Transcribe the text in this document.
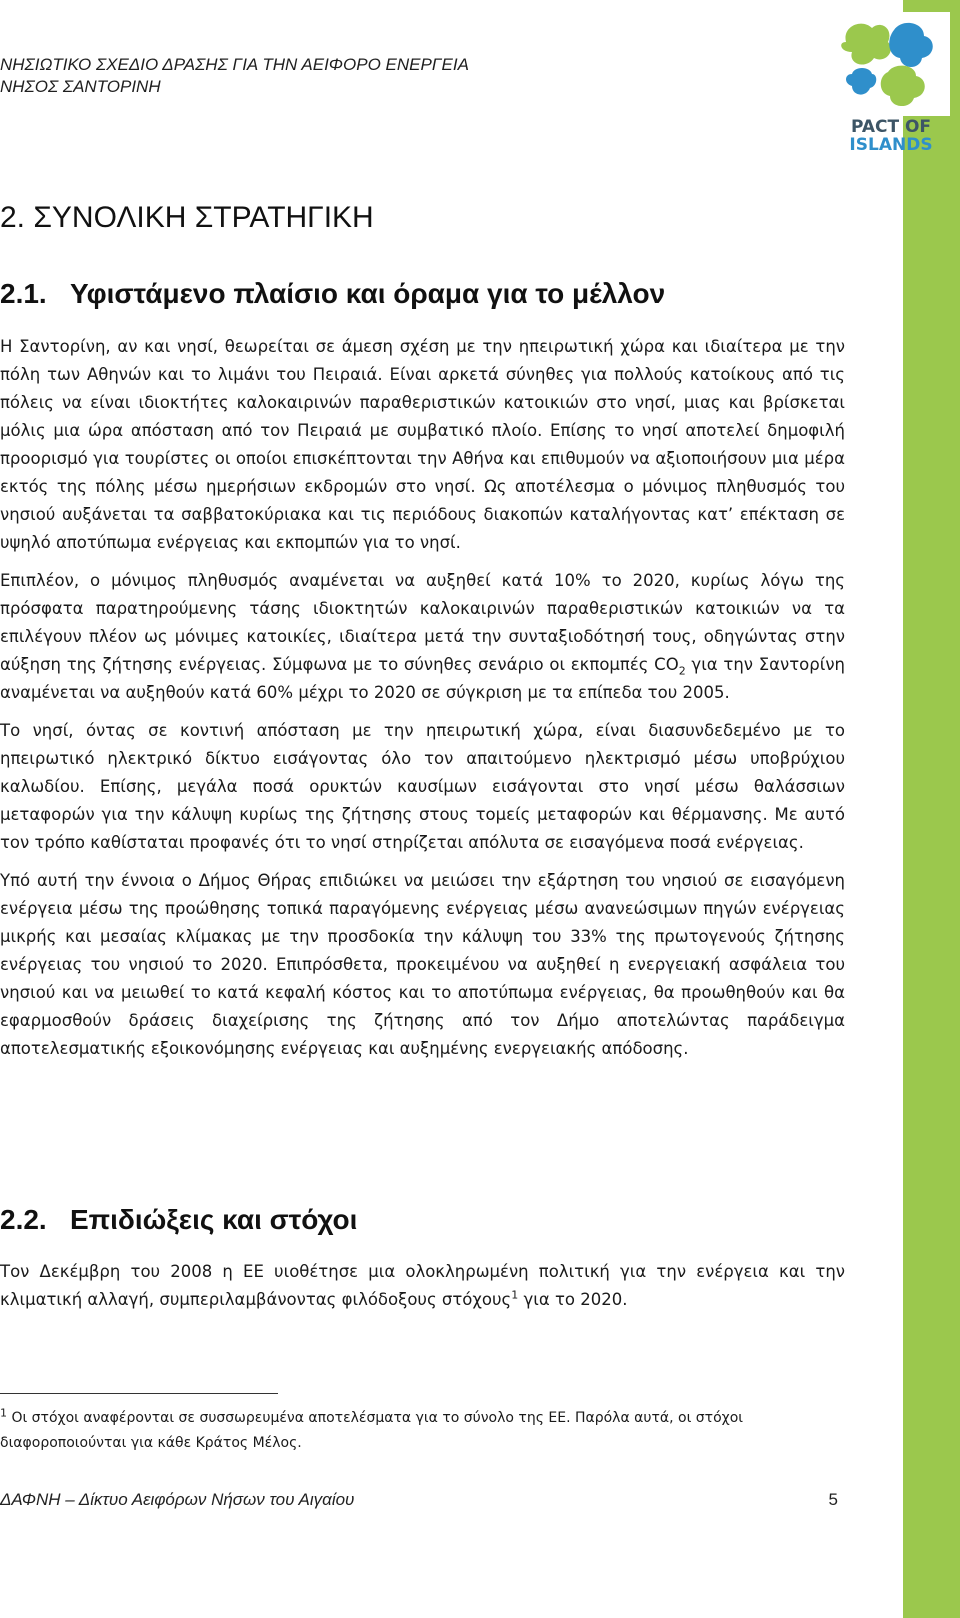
PACT OF
ISLANDS
ΝΗΣΙΩΤΙΚΟ ΣΧΕΔΙΟ ΔΡΑΣΗΣ ΓΙΑ ΤΗΝ ΑΕΙΦΟΡΟ ΕΝΕΡΓΕΙΑ
ΝΗΣΟΣ ΣΑΝΤΟΡΙΝΗ
2. ΣΥΝΟΛΙΚΗ ΣΤΡΑΤΗΓΙΚΗ
2.1. Υφιστάμενο πλαίσιο και όραμα για το μέλλον

Η Σαντορίνη, αν και νησί, θεωρείται σε άμεση σχέση με την ηπειρωτική χώρα και ιδιαίτερα με την πόλη των Αθηνών και το λιμάνι του Πειραιά. Είναι αρκετά σύνηθες για πολλούς κατοίκους από τις πόλεις να είναι ιδιοκτήτες καλοκαιρινών παραθεριστικών κατοικιών στο νησί, μιας και βρίσκεται μόλις μια ώρα απόσταση από τον Πειραιά με συμβατικό πλοίο. Επίσης το νησί αποτελεί δημοφιλή προορισμό για τουρίστες οι οποίοι επισκέπτονται την Αθήνα και επιθυμούν να αξιοποιήσουν μια μέρα εκτός της πόλης μέσω ημερήσιων εκδρομών στο νησί. Ως αποτέλεσμα ο μόνιμος πληθυσμός του νησιού αυξάνεται τα σαββατοκύριακα και τις περιόδους διακοπών καταλήγοντας κατ’ επέκταση σε υψηλό αποτύπωμα ενέργειας και εκπομπών για το νησί.

Επιπλέον, ο μόνιμος πληθυσμός αναμένεται να αυξηθεί κατά 10% το 2020, κυρίως λόγω της πρόσφατα παρατηρούμενης τάσης ιδιοκτητών καλοκαιρινών παραθεριστικών κατοικιών να τα επιλέγουν πλέον ως μόνιμες κατοικίες, ιδιαίτερα μετά την συνταξιοδότησή τους, οδηγώντας στην αύξηση της ζήτησης ενέργειας. Σύμφωνα με το σύνηθες σενάριο οι εκπομπές $CO_2$ για την Σαντορίνη αναμένεται να αυξηθούν κατά 60% μέχρι το 2020 σε σύγκριση με τα επίπεδα του 2005.

Το νησί, όντας σε κοντινή απόσταση με την ηπειρωτική χώρα, είναι διασυνδεδεμένο με το ηπειρωτικό ηλεκτρικό δίκτυο εισάγοντας όλο τον απαιτούμενο ηλεκτρισμό μέσω υποβρύχιου καλωδίου. Επίσης, μεγάλα ποσά ορυκτών καυσίμων εισάγονται στο νησί μέσω θαλάσσιων μεταφορών για την κάλυψη κυρίως της ζήτησης στους τομείς μεταφορών και θέρμανσης. Με αυτό τον τρόπο καθίσταται προφανές ότι το νησί στηρίζεται απόλυτα σε εισαγόμενα ποσά ενέργειας.

Υπό αυτή την έννοια ο Δήμος Θήρας επιδιώκει να μειώσει την εξάρτηση του νησιού σε εισαγόμενη ενέργεια μέσω της προώθησης τοπικά παραγόμενης ενέργειας μέσω ανανεώσιμων πηγών ενέργειας μικρής και μεσαίας κλίμακας με την προσδοκία την κάλυψη του 33% της πρωτογενούς ζήτησης ενέργειας του νησιού το 2020. Επιπρόσθετα, προκειμένου να αυξηθεί η ενεργειακή ασφάλεια του νησιού και να μειωθεί το κατά κεφαλή κόστος και το αποτύπωμα ενέργειας, θα προωθηθούν και θα εφαρμοσθούν δράσεις διαχείρισης της ζήτησης από τον Δήμο αποτελώντας παράδειγμα αποτελεσματικής εξοικονόμησης ενέργειας και αυξημένης ενεργειακής απόδοσης.

2.2. Επιδιώξεις και στόχοι

Τον Δεκέμβρη του 2008 η ΕΕ υιοθέτησε μια ολοκληρωμένη πολιτική για την ενέργεια και την κλιματική αλλαγή, συμπεριλαμβάνοντας φιλόδοξους στόχους$^1$ για το 2020.

$^1$ Οι στόχοι αναφέρονται σε συσσωρευμένα αποτελέσματα για το σύνολο της ΕΕ. Παρόλα αυτά, οι στόχοι διαφοροποιούνται για κάθε Κράτος Μέλος.
ΔΑΦΝΗ – Δίκτυο Αειφόρων Νήσων του Αιγαίου	5
